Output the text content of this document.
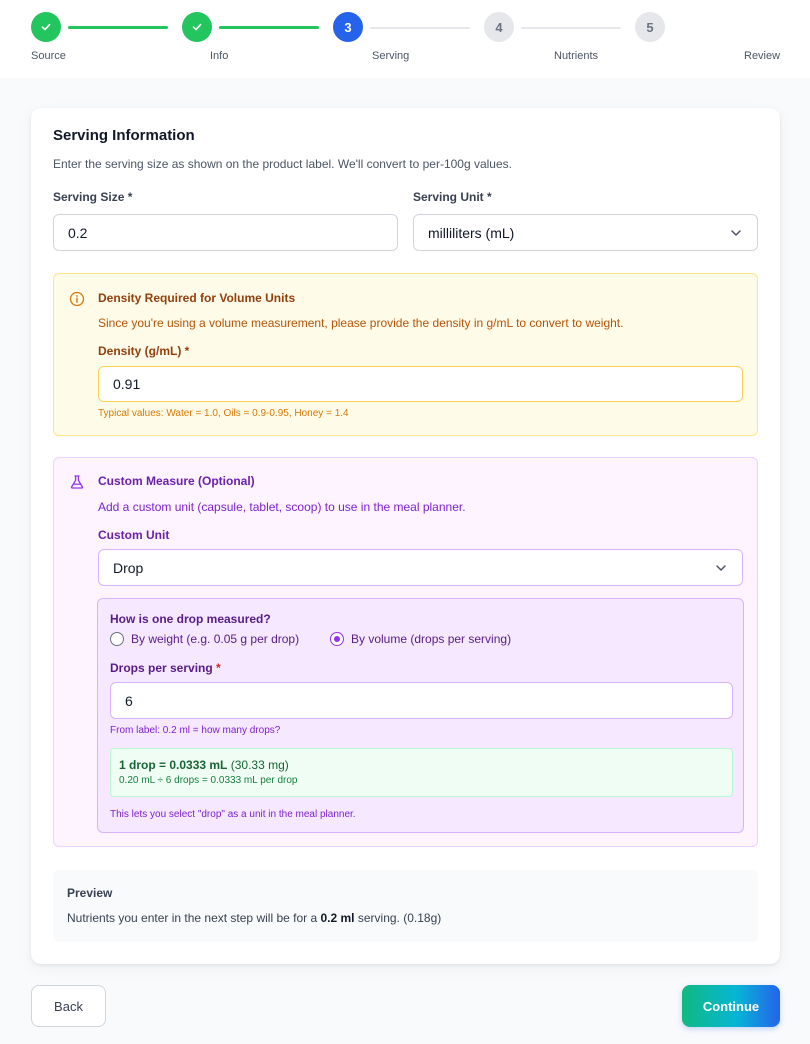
3	4	5
Source	Info	Serving	Nutrients	Review
Serving Information
Enter the serving size as shown on the product label. We'll convert to per-100g values.
Serving Size *
0.2
Serving Unit *
milliliters (mL)
Density Required for Volume Units
Since you're using a volume measurement, please provide the density in g/mL to convert to weight.
Density (g/mL) *
0.91
Typical values: Water = 1.0, Oils = 0.9-0.95, Honey = 1.4
Custom Measure (Optional)
Add a custom unit (capsule, tablet, scoop) to use in the meal planner.
Custom Unit
Drop
How is one drop measured?
By weight (e.g. 0.05 g per drop)	By volume (drops per serving)
Drops per serving *
6
From label: 0.2 ml = how many drops?
1 drop = 0.0333 mL (30.33 mg)
0.20 mL ÷ 6 drops = 0.0333 mL per drop
This lets you select "drop" as a unit in the meal planner.
Preview
Nutrients you enter in the next step will be for a 0.2 ml serving. (0.18g)
Back	Continue
